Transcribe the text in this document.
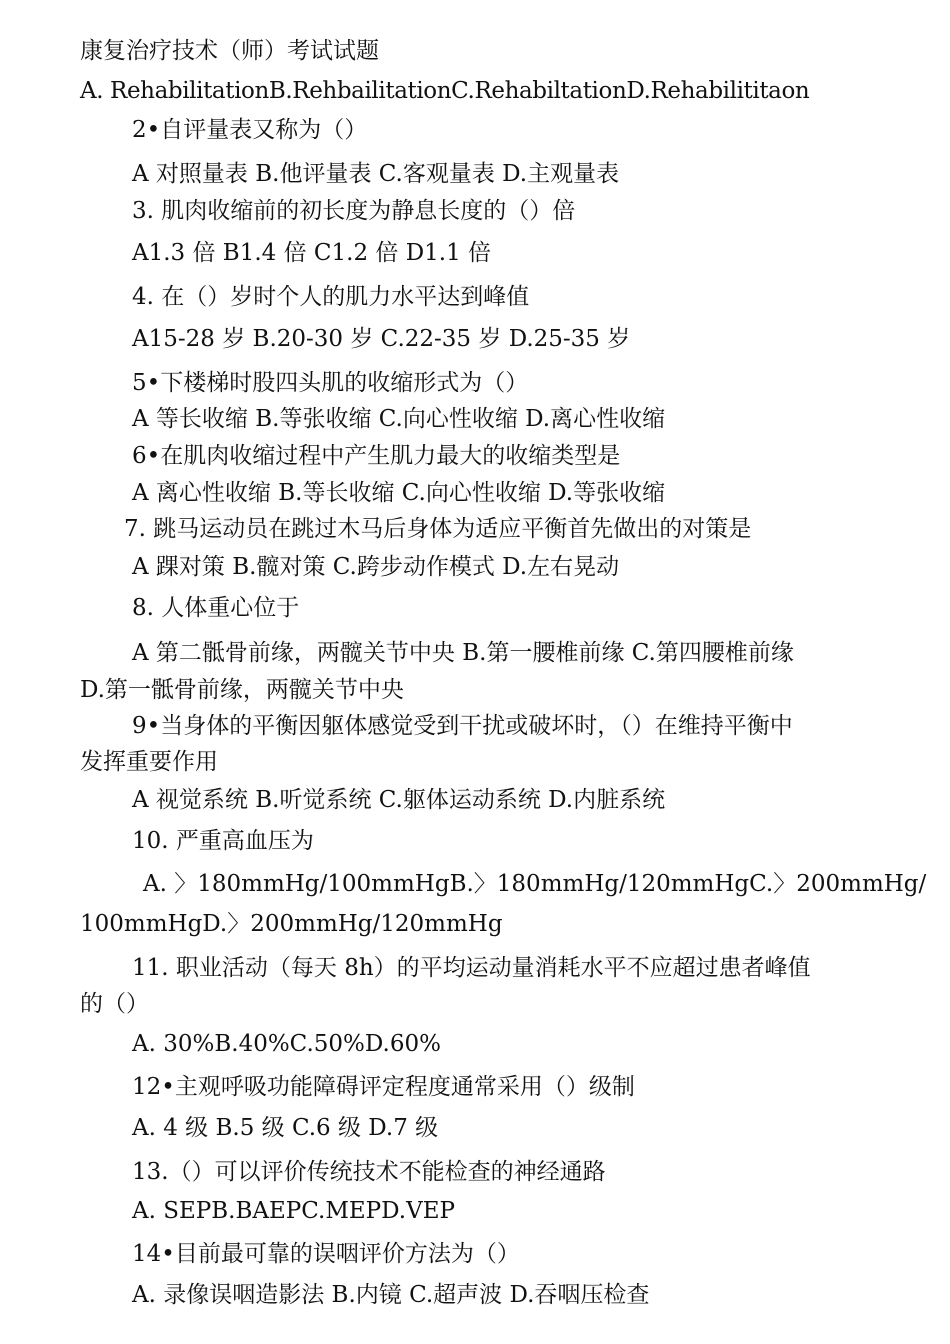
康复治疗技术（师）考试试题
A. RehabilitationB.RehbailitationC.RehabiltationD.Rehabilititaon
2•自评量表又称为（）
A 对照量表 B.他评量表 C.客观量表 D.主观量表
3. 肌肉收缩前的初长度为静息长度的（）倍
A1.3 倍 B1.4 倍 C1.2 倍 D1.1 倍
4. 在（）岁时个人的肌力水平达到峰值
A15-28 岁 B.20-30 岁 C.22-35 岁 D.25-35 岁
5•下楼梯时股四头肌的收缩形式为（）
A 等长收缩 B.等张收缩 C.向心性收缩 D.离心性收缩
6•在肌肉收缩过程中产生肌力最大的收缩类型是
A 离心性收缩 B.等长收缩 C.向心性收缩 D.等张收缩
7. 跳马运动员在跳过木马后身体为适应平衡首先做出的对策是
A 踝对策 B.髋对策 C.跨步动作模式 D.左右晃动
8. 人体重心位于
A 第二骶骨前缘，两髋关节中央 B.第一腰椎前缘 C.第四腰椎前缘
D.第一骶骨前缘，两髋关节中央
9•当身体的平衡因躯体感觉受到干扰或破坏时，（）在维持平衡中
发挥重要作用
A 视觉系统 B.听觉系统 C.躯体运动系统 D.内脏系统
10. 严重高血压为
A. 〉180mmHg/100mmHgB.〉180mmHg/120mmHgC.〉200mmHg/
100mmHgD.〉200mmHg/120mmHg
11. 职业活动（每天 8h）的平均运动量消耗水平不应超过患者峰值
的（）
A. 30%B.40%C.50%D.60%
12•主观呼吸功能障碍评定程度通常采用（）级制
A. 4 级 B.5 级 C.6 级 D.7 级
13.（）可以评价传统技术不能检查的神经通路
A. SEPB.BAEPC.MEPD.VEP
14•目前最可靠的误咽评价方法为（）
A. 录像误咽造影法 B.内镜 C.超声波 D.吞咽压检查
